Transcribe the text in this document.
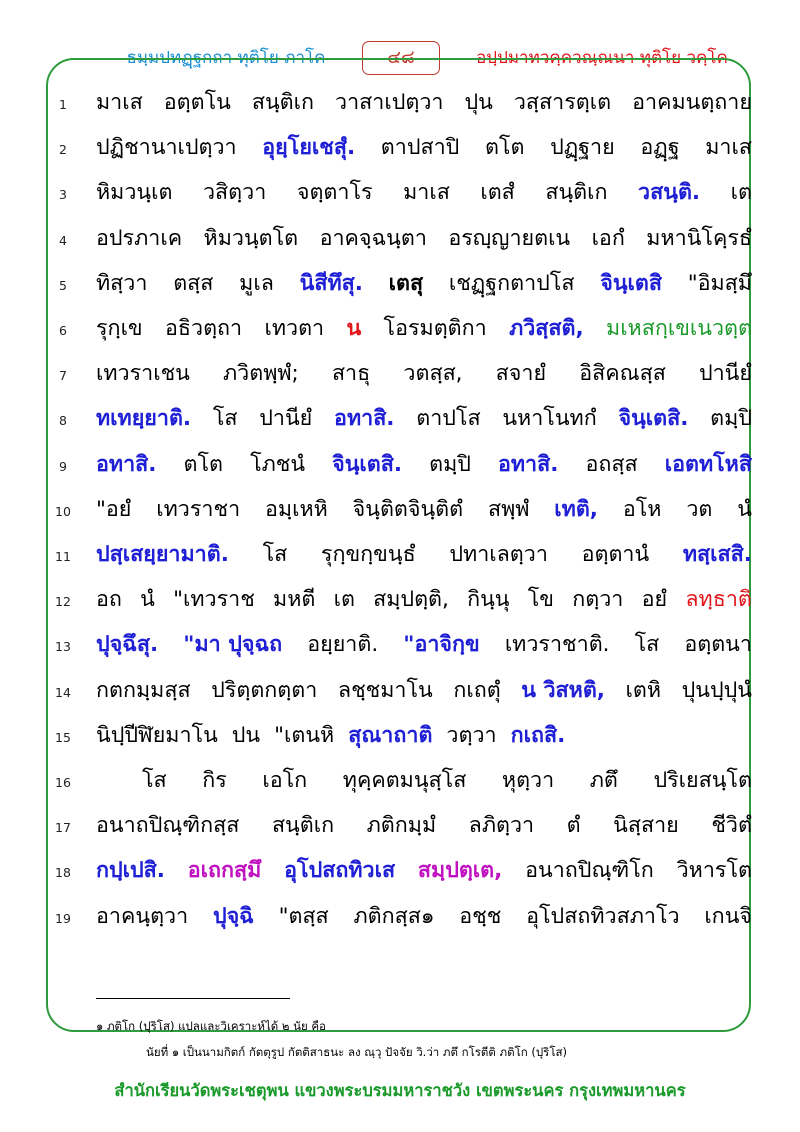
ธมฺมปทฏฺฐกถา ทุติโย ภาโค	๔๘	อปฺปมาทวคฺควณฺณนา ทุติโย วคฺโค
1	มาเส อตฺตโน สนฺติเก วาสาเปตฺวา ปุน วสฺสารตฺเต อาคมนตฺถาย
2	ปฏิชานาเปตฺวา อุยฺโยเชสุํ. ตาปสาปิ ตโต ปฏฺฐาย อฏฺฐ มาเส
3	หิมวนฺเต วสิตฺวา จตฺตาโร มาเส เตสํ สนฺติเก วสนฺติ. เต
4	อปรภาเค หิมวนฺตโต อาคจฺฉนฺตา อรญฺญายตเน เอกํ มหานิโคฺรธํ
5	ทิสฺวา ตสฺส มูเล นิสีทึสุ. เตสุ เชฏฺฐกตาปโส จินฺเตสิ "อิมสฺมึ
6	รุกฺเข อธิวตฺถา เทวตา น โอรมตฺติกา ภวิสฺสติ, มเหสกฺเขเนวตฺต
7	เทวราเชน ภวิตพฺพํ; สาธุ วตสฺส, สจายํ อิสิคณสฺส ปานียํ
8	ทเทยฺยาติ. โส ปานียํ อทาสิ. ตาปโส นหาโนทกํ จินฺเตสิ. ตมฺปิ
9	อทาสิ. ตโต โภชนํ จินฺเตสิ. ตมฺปิ อทาสิ. อถสฺส เอตทโหสิ
10	"อยํ เทวราชา อมฺเหหิ จินฺติตจินฺติตํ สพฺพํ เทติ, อโห วต นํ
11	ปสฺเสยฺยามาติ. โส รุกฺขกฺขนฺธํ ปทาเลตฺวา อตฺตานํ ทสฺเสสิ.
12	อถ นํ "เทวราช มหตี เต สมฺปตฺติ, กินฺนุ โข กตฺวา อยํ ลทฺธาติ
13	ปุจฺฉึสุ. "มา ปุจฺฉถ อยฺยาติ. "อาจิกฺข เทวราชาติ. โส อตฺตนา
14	กตกมฺมสฺส ปริตฺตกตฺตา ลชฺชมาโน กเถตุํ น วิสหติ, เตหิ ปุนปฺปุนํ
15	นิปฺปีฬิยมาโน ปน "เตนหิ สุณาถาติ วตฺวา กเถสิ.
16	โส กิร เอโก ทุคฺคตมนุสฺโส หุตฺวา ภตึ ปริเยสนฺโต
17	อนาถปิณฺฑิกสฺส สนฺติเก ภติกมฺมํ ลภิตฺวา ตํ นิสฺสาย ชีวิตํ
18	กปฺเปสิ. อเถกสฺมึ อุโปสถทิวเส สมฺปตฺเต, อนาถปิณฺฑิโก วิหารโต
19	อาคนฺตฺวา ปุจฺฉิ "ตสฺส ภติกสฺส๑ อชฺช อุโปสถทิวสภาโว เกนจิ
๑ ภติโก (ปุริโส) แปลและวิเคราะห์ได้ ๒ นัย คือ
นัยที่ ๑ เป็นนามกิตก์ กัตตุรูป กัตติสาธนะ ลง ณฺวุ ปัจจัย วิ.ว่า ภตึ กโรตีติ ภติโก (ปุริโส)
สำนักเรียนวัดพระเชตุพน แขวงพระบรมมหาราชวัง เขตพระนคร กรุงเทพมหานคร
